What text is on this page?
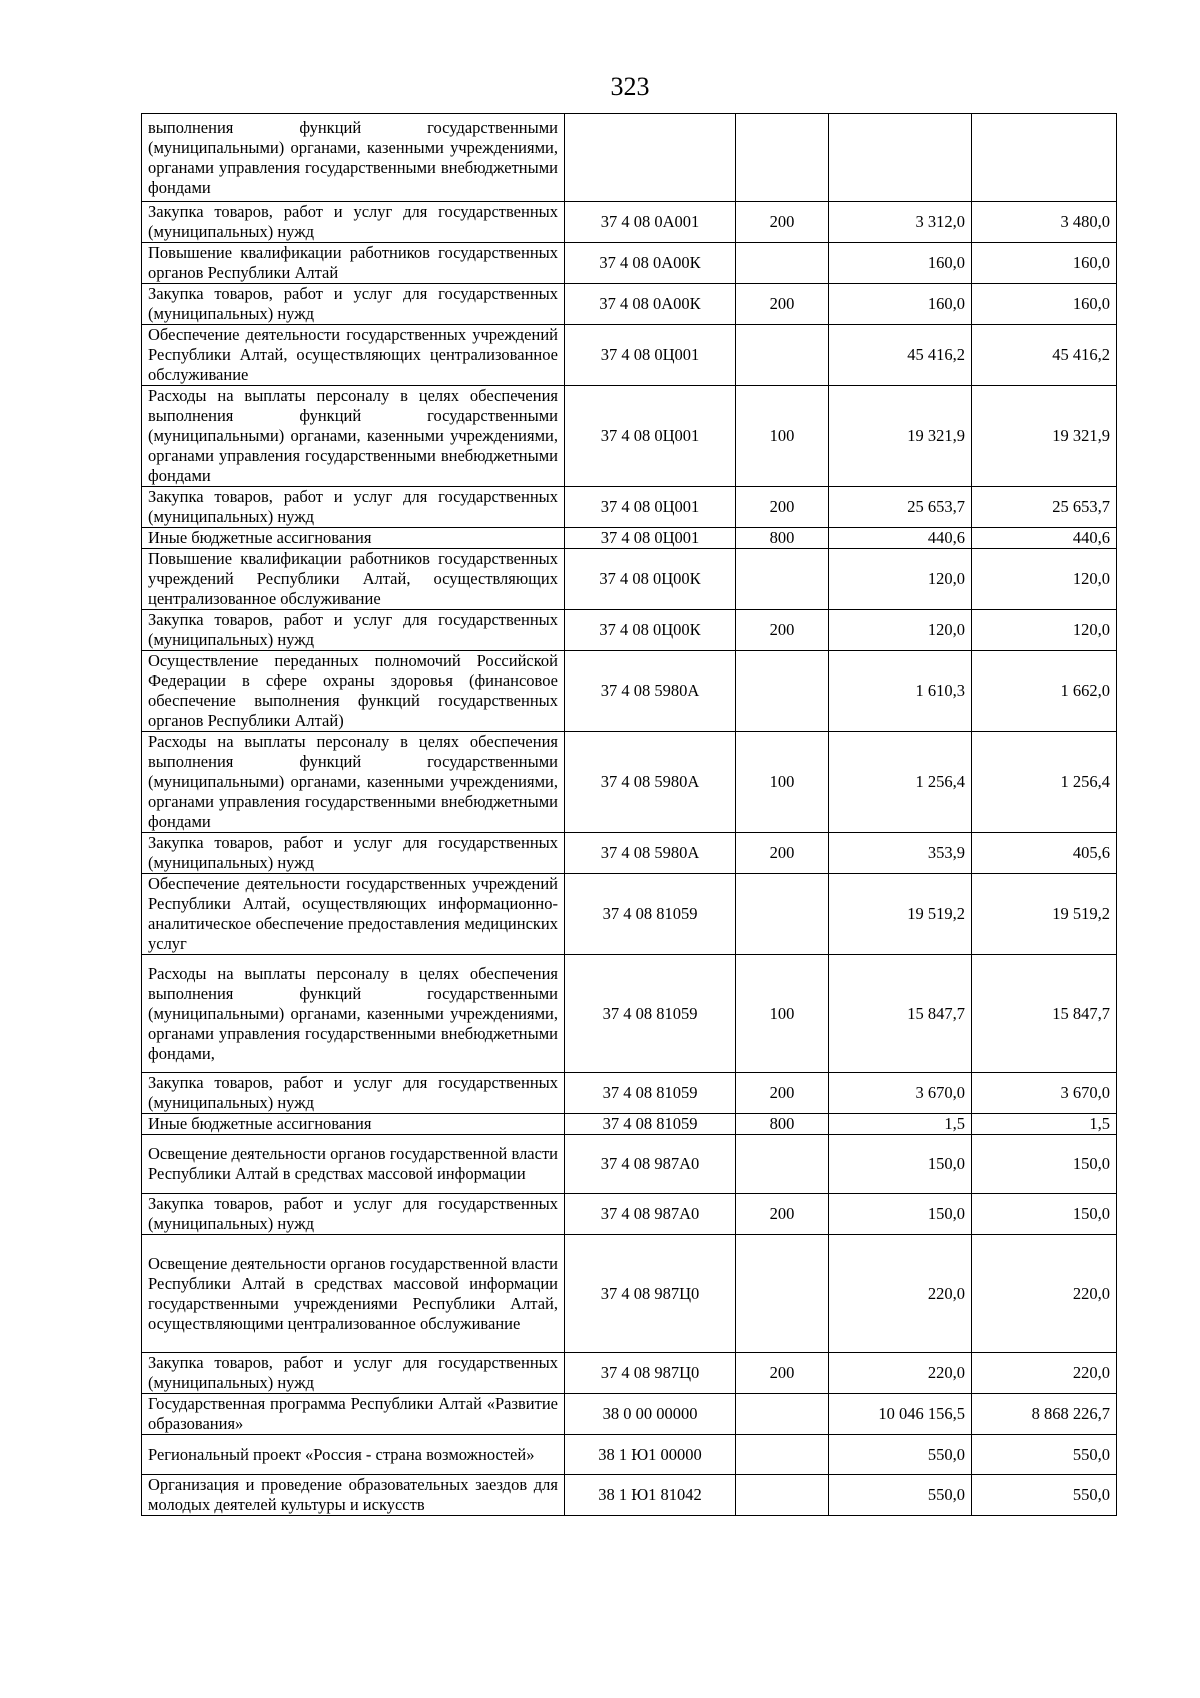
323
выполнения функций государственными (муниципальными) органами, казенными учреждениями, органами управления государственными внебюджетными фондами				
Закупка товаров, работ и услуг для государственных (муниципальных) нужд	37 4 08 0А001	200	3 312,0	3 480,0
Повышение квалификации работников государственных органов Республики Алтай	37 4 08 0А00К		160,0	160,0
Закупка товаров, работ и услуг для государственных (муниципальных) нужд	37 4 08 0А00К	200	160,0	160,0
Обеспечение деятельности государственных учреждений Республики Алтай, осуществляющих централизованное обслуживание	37 4 08 0Ц001		45 416,2	45 416,2
Расходы на выплаты персоналу в целях обеспечения выполнения функций государственными (муниципальными) органами, казенными учреждениями, органами управления государственными внебюджетными фондами	37 4 08 0Ц001	100	19 321,9	19 321,9
Закупка товаров, работ и услуг для государственных (муниципальных) нужд	37 4 08 0Ц001	200	25 653,7	25 653,7
Иные бюджетные ассигнования	37 4 08 0Ц001	800	440,6	440,6
Повышение квалификации работников государственных учреждений Республики Алтай, осуществляющих централизованное обслуживание	37 4 08 0Ц00К		120,0	120,0
Закупка товаров, работ и услуг для государственных (муниципальных) нужд	37 4 08 0Ц00К	200	120,0	120,0
Осуществление переданных полномочий Российской Федерации в сфере охраны здоровья (финансовое обеспечение выполнения функций государственных органов Республики Алтай)	37 4 08 5980А		1 610,3	1 662,0
Расходы на выплаты персоналу в целях обеспечения выполнения функций государственными (муниципальными) органами, казенными учреждениями, органами управления государственными внебюджетными фондами	37 4 08 5980А	100	1 256,4	1 256,4
Закупка товаров, работ и услуг для государственных (муниципальных) нужд	37 4 08 5980А	200	353,9	405,6
Обеспечение деятельности государственных учреждений Республики Алтай, осуществляющих информационно-аналитическое обеспечение предоставления медицинских услуг	37 4 08 81059		19 519,2	19 519,2
Расходы на выплаты персоналу в целях обеспечения выполнения функций государственными (муниципальными) органами, казенными учреждениями, органами управления государственными внебюджетными фондами,	37 4 08 81059	100	15 847,7	15 847,7
Закупка товаров, работ и услуг для государственных (муниципальных) нужд	37 4 08 81059	200	3 670,0	3 670,0
Иные бюджетные ассигнования	37 4 08 81059	800	1,5	1,5
Освещение деятельности органов государственной власти Республики Алтай в средствах массовой информации	37 4 08 987А0		150,0	150,0
Закупка товаров, работ и услуг для государственных (муниципальных) нужд	37 4 08 987А0	200	150,0	150,0
Освещение деятельности органов государственной власти Республики Алтай в средствах массовой информации государственными учреждениями Республики Алтай, осуществляющими централизованное обслуживание	37 4 08 987Ц0		220,0	220,0
Закупка товаров, работ и услуг для государственных (муниципальных) нужд	37 4 08 987Ц0	200	220,0	220,0
Государственная программа Республики Алтай «Развитие образования»	38 0 00 00000		10 046 156,5	8 868 226,7
Региональный проект «Россия - страна возможностей»	38 1 Ю1 00000		550,0	550,0
Организация и проведение образовательных заездов для молодых деятелей культуры и искусств	38 1 Ю1 81042		550,0	550,0
